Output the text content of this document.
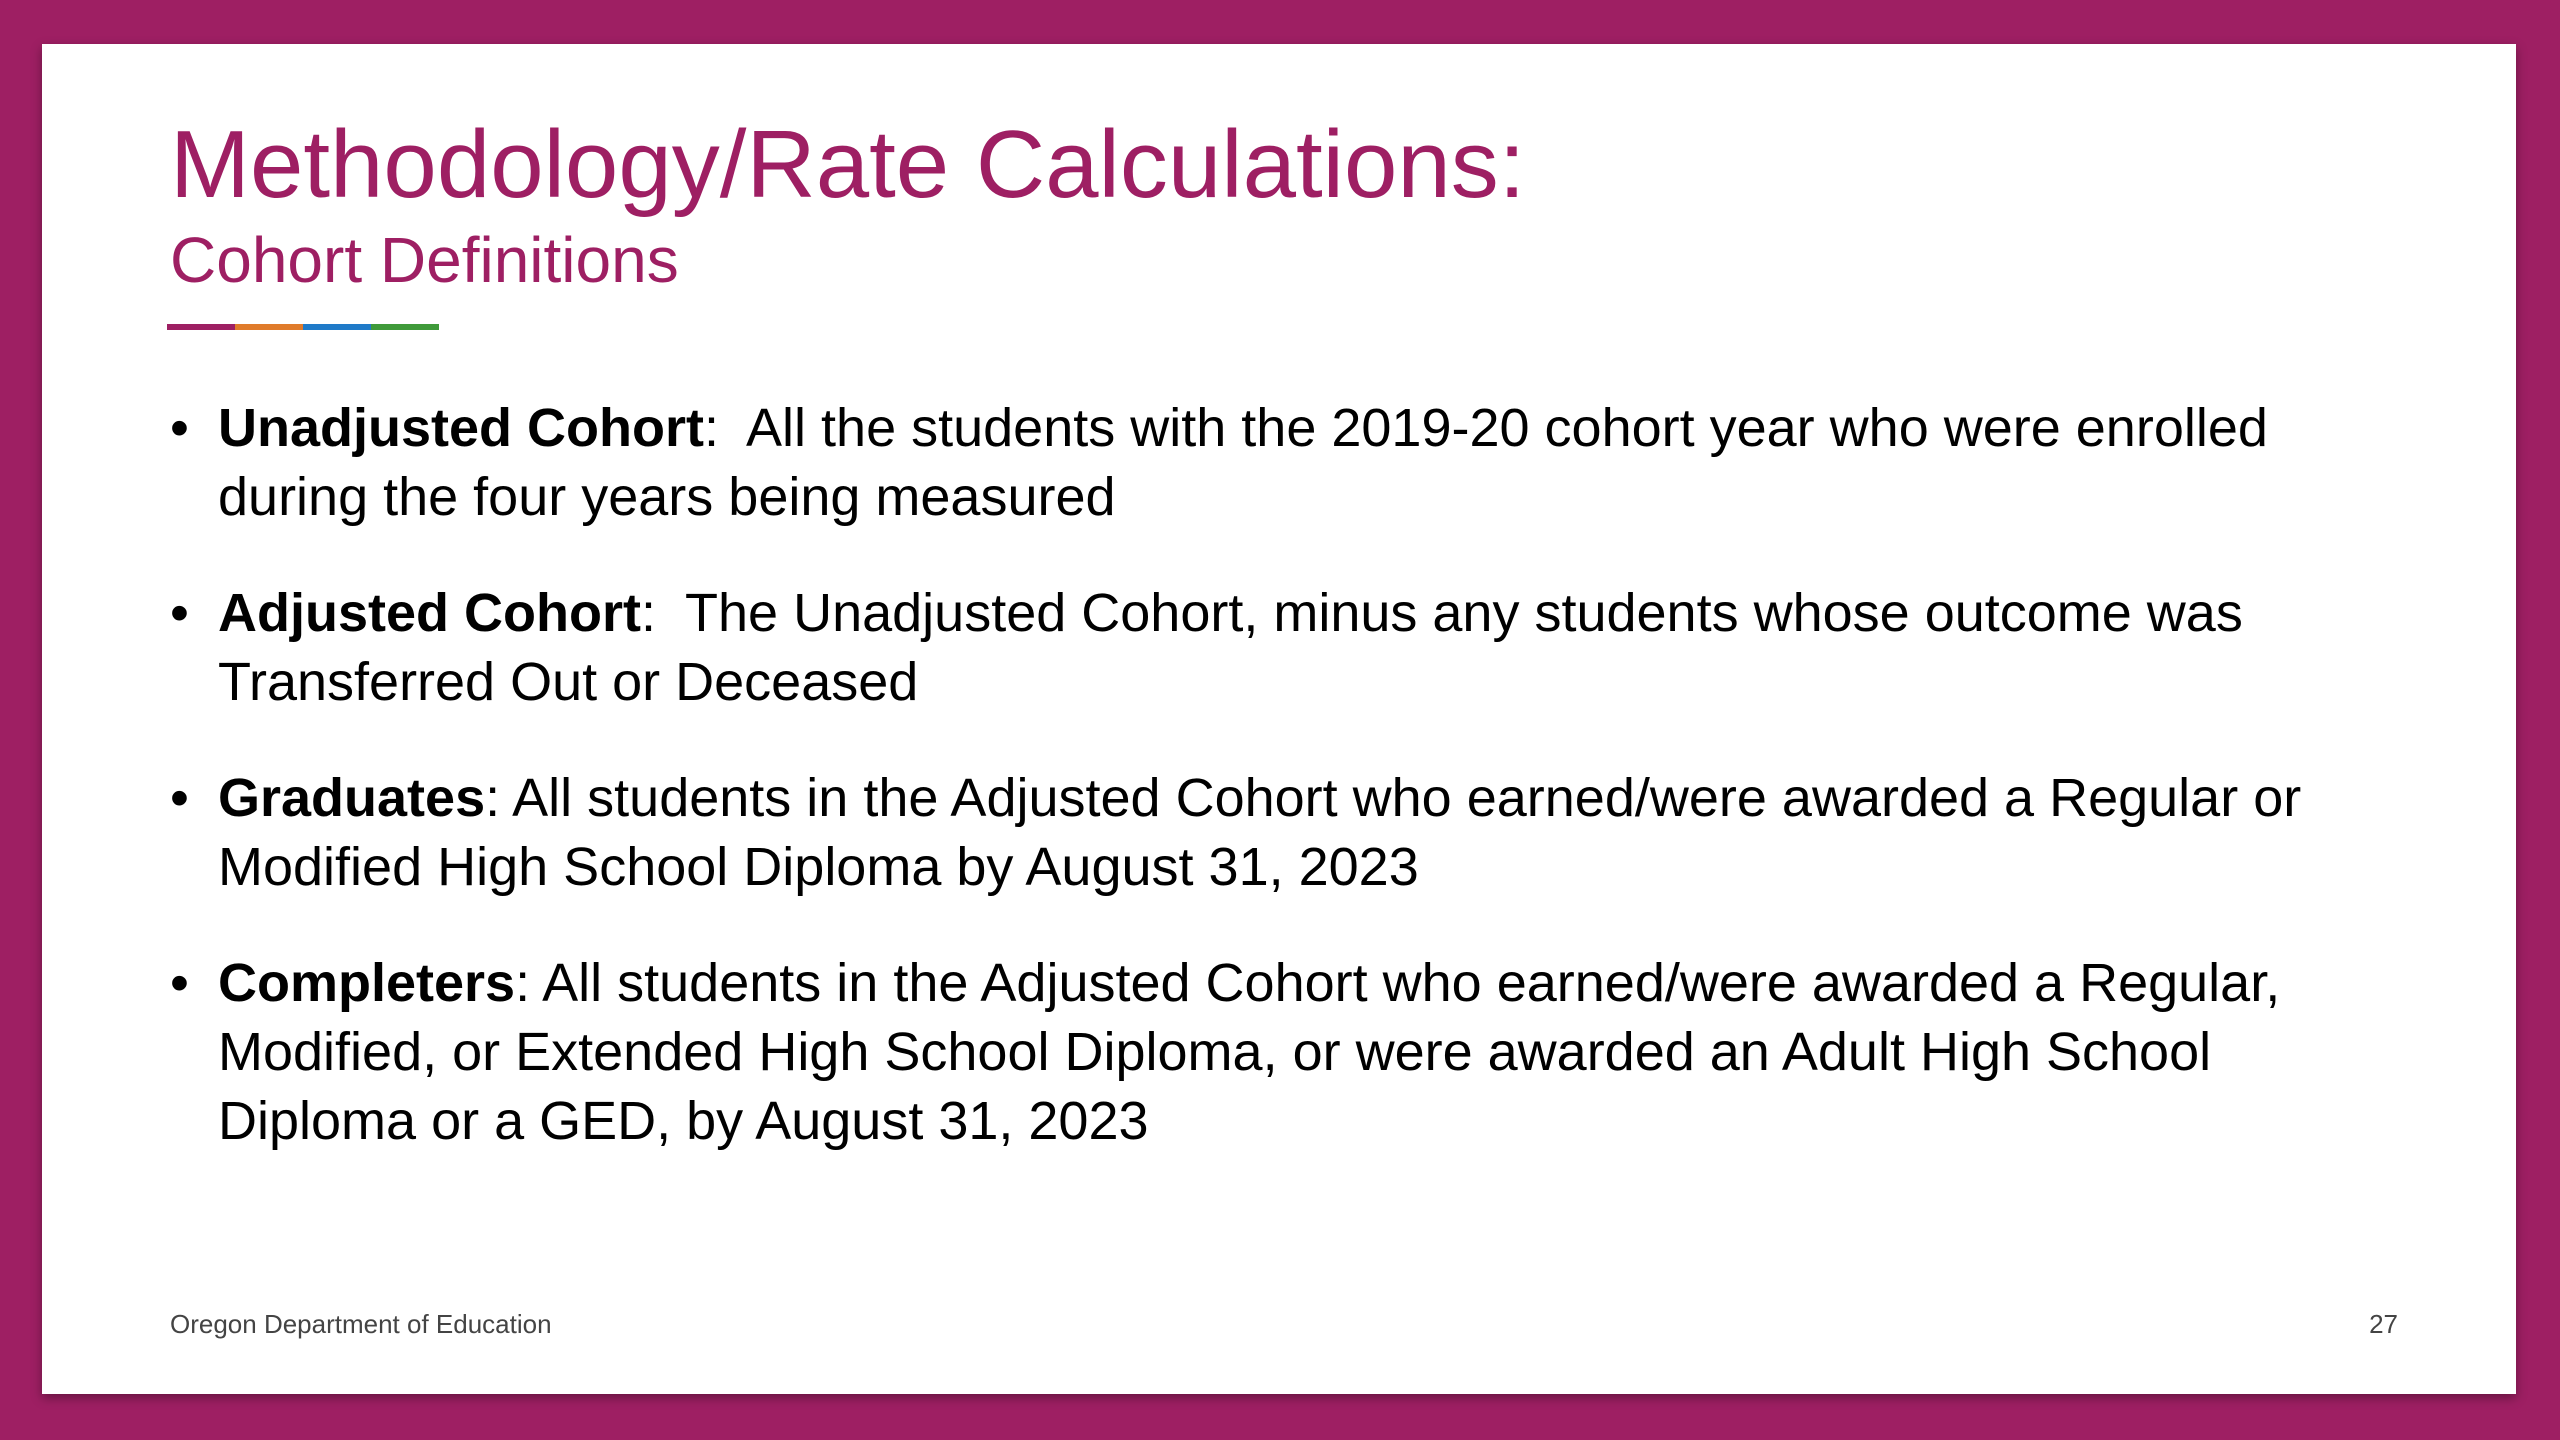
Methodology/Rate Calculations:
Cohort Definitions
• Unadjusted Cohort:  All the students with the 2019-20 cohort year who were enrolled during the four years being measured
• Adjusted Cohort:  The Unadjusted Cohort, minus any students whose outcome was Transferred Out or Deceased
• Graduates: All students in the Adjusted Cohort who earned/were awarded a Regular or Modified High School Diploma by August 31, 2023
• Completers: All students in the Adjusted Cohort who earned/were awarded a Regular, Modified, or Extended High School Diploma, or were awarded an Adult High School Diploma or a GED, by August 31, 2023
Oregon Department of Education	27
